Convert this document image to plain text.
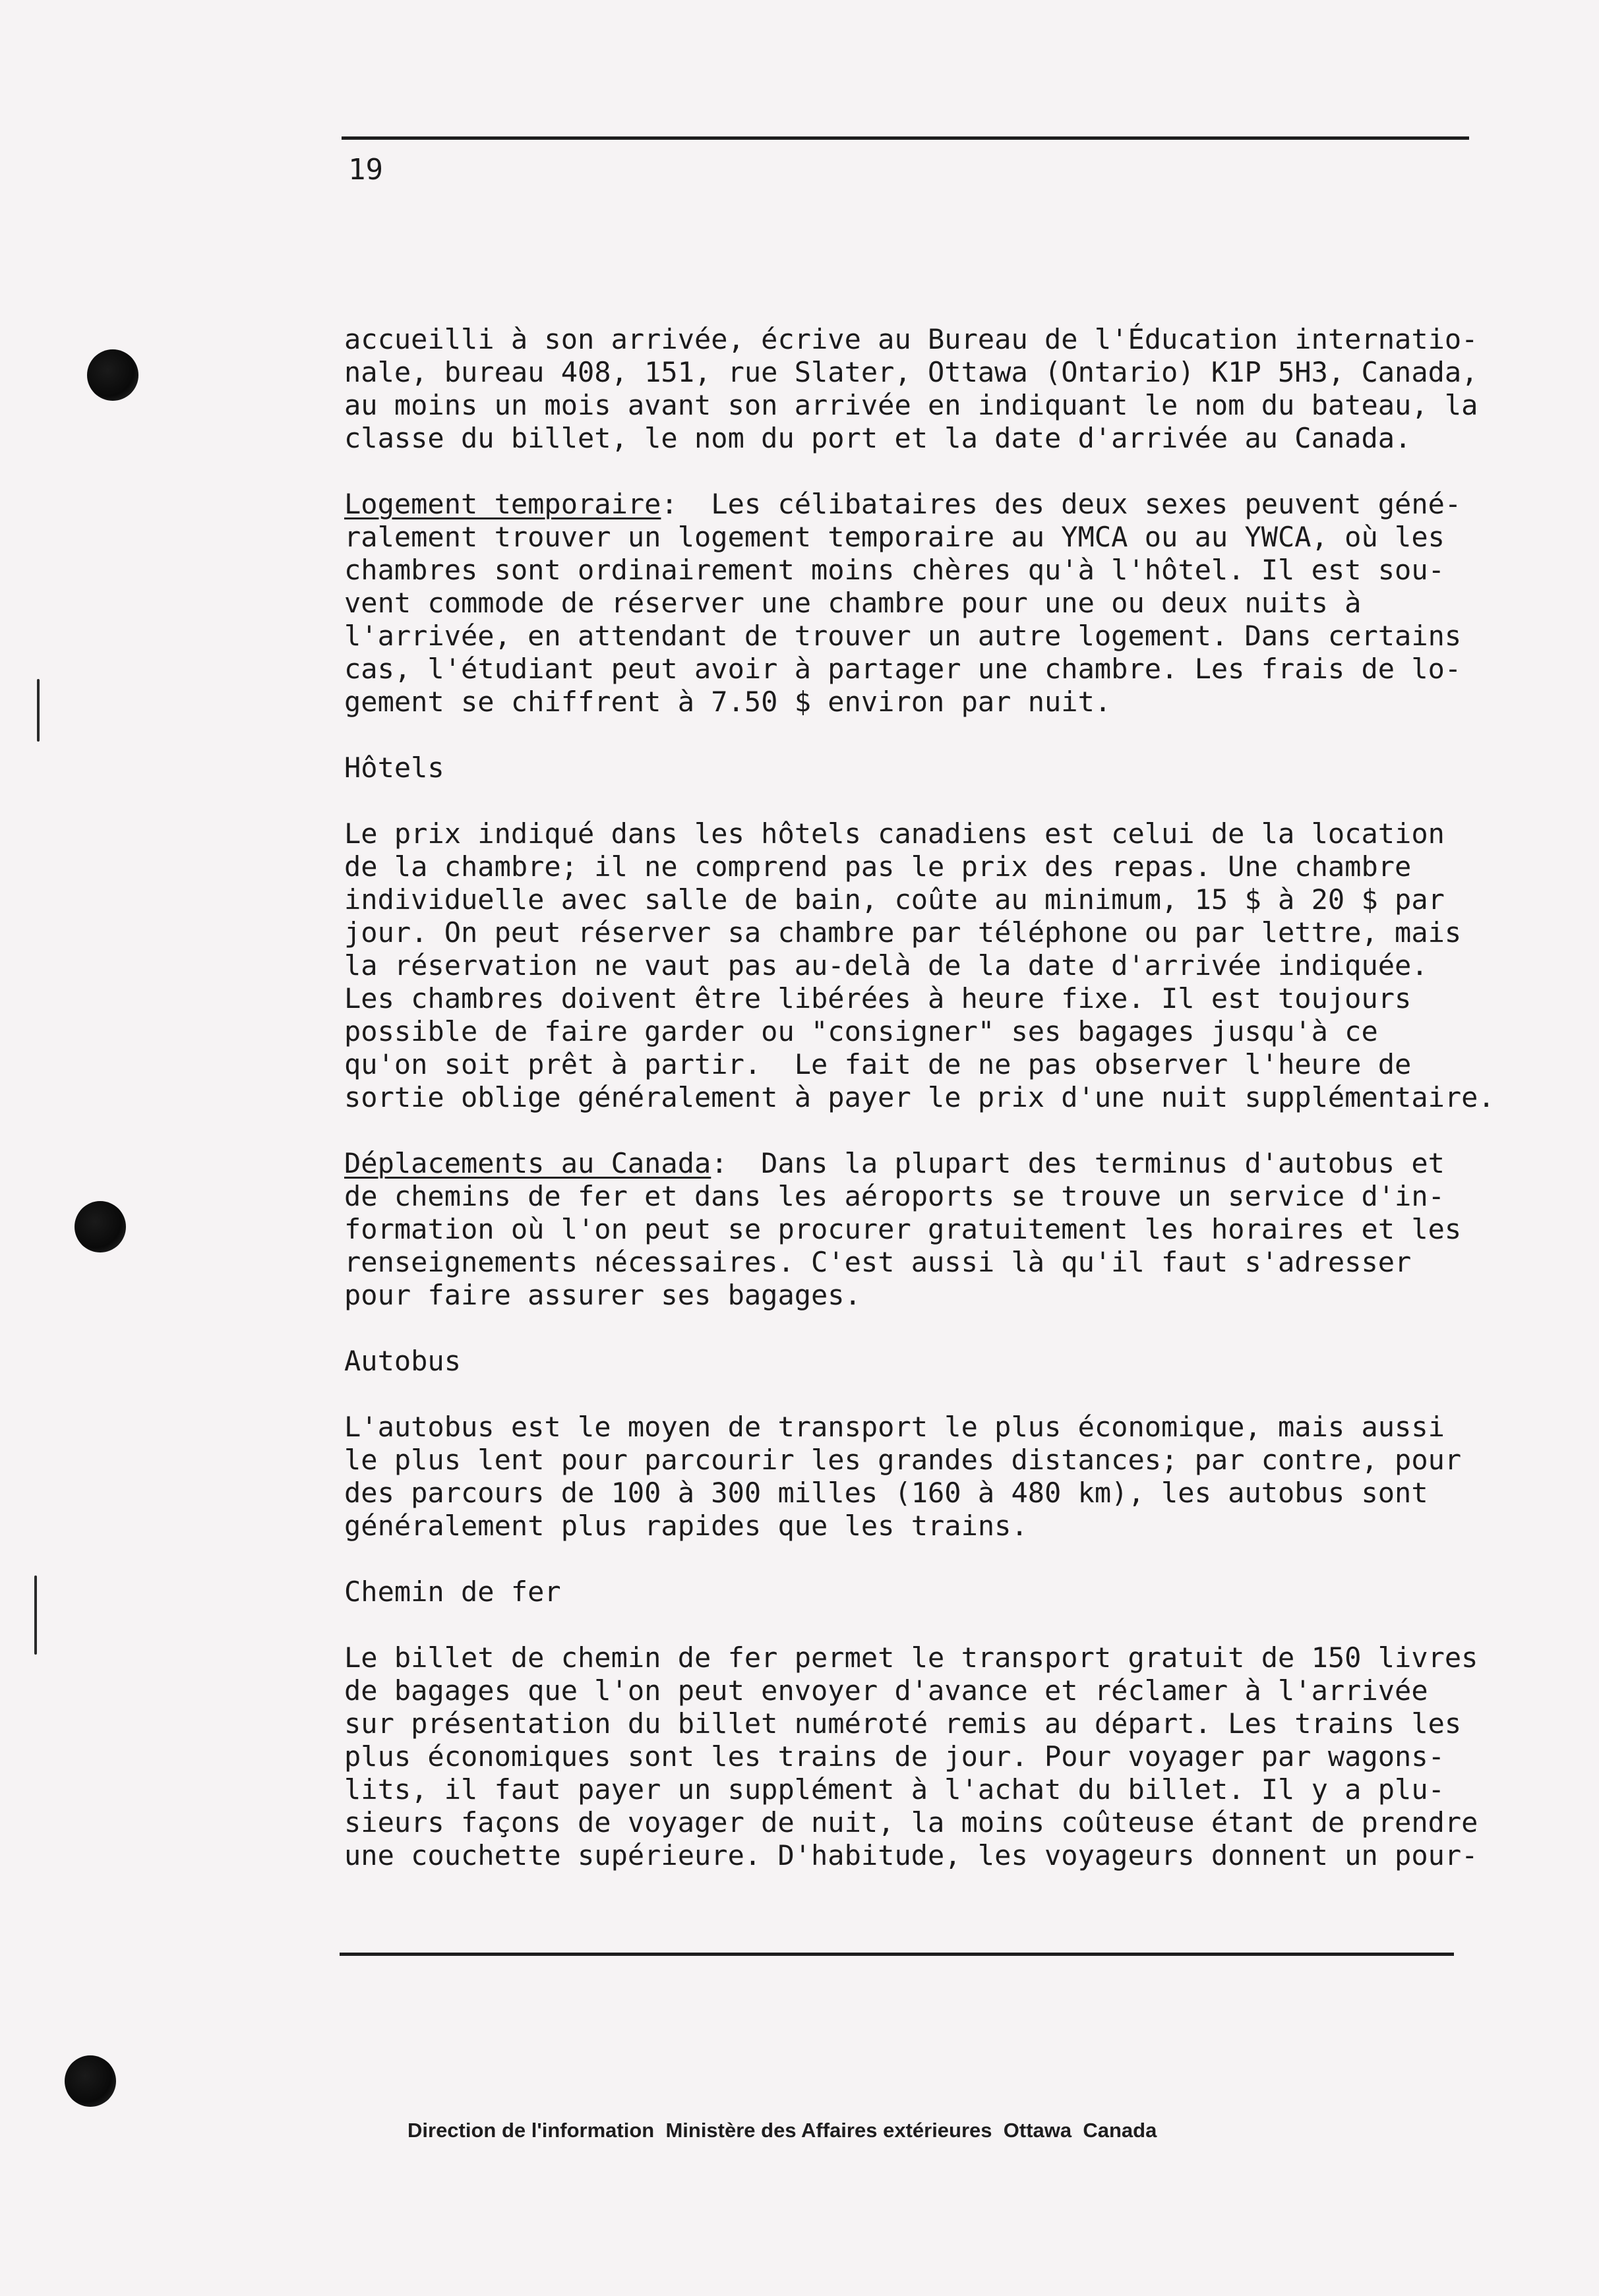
19

accueilli à son arrivée, écrive au Bureau de l'Éducation internatio-

nale, bureau 408, 151, rue Slater, Ottawa (Ontario) K1P 5H3, Canada,

au moins un mois avant son arrivée en indiquant le nom du bateau, la

classe du billet, le nom du port et la date d'arrivée au Canada.

Logement temporaire:  Les célibataires des deux sexes peuvent géné-

ralement trouver un logement temporaire au YMCA ou au YWCA, où les

chambres sont ordinairement moins chères qu'à l'hôtel. Il est sou-

vent commode de réserver une chambre pour une ou deux nuits à

l'arrivée, en attendant de trouver un autre logement. Dans certains

cas, l'étudiant peut avoir à partager une chambre. Les frais de lo-

gement se chiffrent à 7.50 $ environ par nuit.

Hôtels

Le prix indiqué dans les hôtels canadiens est celui de la location

de la chambre; il ne comprend pas le prix des repas. Une chambre

individuelle avec salle de bain, coûte au minimum, 15 $ à 20 $ par

jour. On peut réserver sa chambre par téléphone ou par lettre, mais

la réservation ne vaut pas au-delà de la date d'arrivée indiquée.

Les chambres doivent être libérées à heure fixe. Il est toujours

possible de faire garder ou "consigner" ses bagages jusqu'à ce

qu'on soit prêt à partir.  Le fait de ne pas observer l'heure de

sortie oblige généralement à payer le prix d'une nuit supplémentaire.

Déplacements au Canada:  Dans la plupart des terminus d'autobus et

de chemins de fer et dans les aéroports se trouve un service d'in-

formation où l'on peut se procurer gratuitement les horaires et les

renseignements nécessaires. C'est aussi là qu'il faut s'adresser

pour faire assurer ses bagages.

Autobus

L'autobus est le moyen de transport le plus économique, mais aussi

le plus lent pour parcourir les grandes distances; par contre, pour

des parcours de 100 à 300 milles (160 à 480 km), les autobus sont

généralement plus rapides que les trains.

Chemin de fer

Le billet de chemin de fer permet le transport gratuit de 150 livres

de bagages que l'on peut envoyer d'avance et réclamer à l'arrivée

sur présentation du billet numéroté remis au départ. Les trains les

plus économiques sont les trains de jour. Pour voyager par wagons-

lits, il faut payer un supplément à l'achat du billet. Il y a plu-

sieurs façons de voyager de nuit, la moins coûteuse étant de prendre

une couchette supérieure. D'habitude, les voyageurs donnent un pour-

Direction de l'information  Ministère des Affaires extérieures  Ottawa  Canada
